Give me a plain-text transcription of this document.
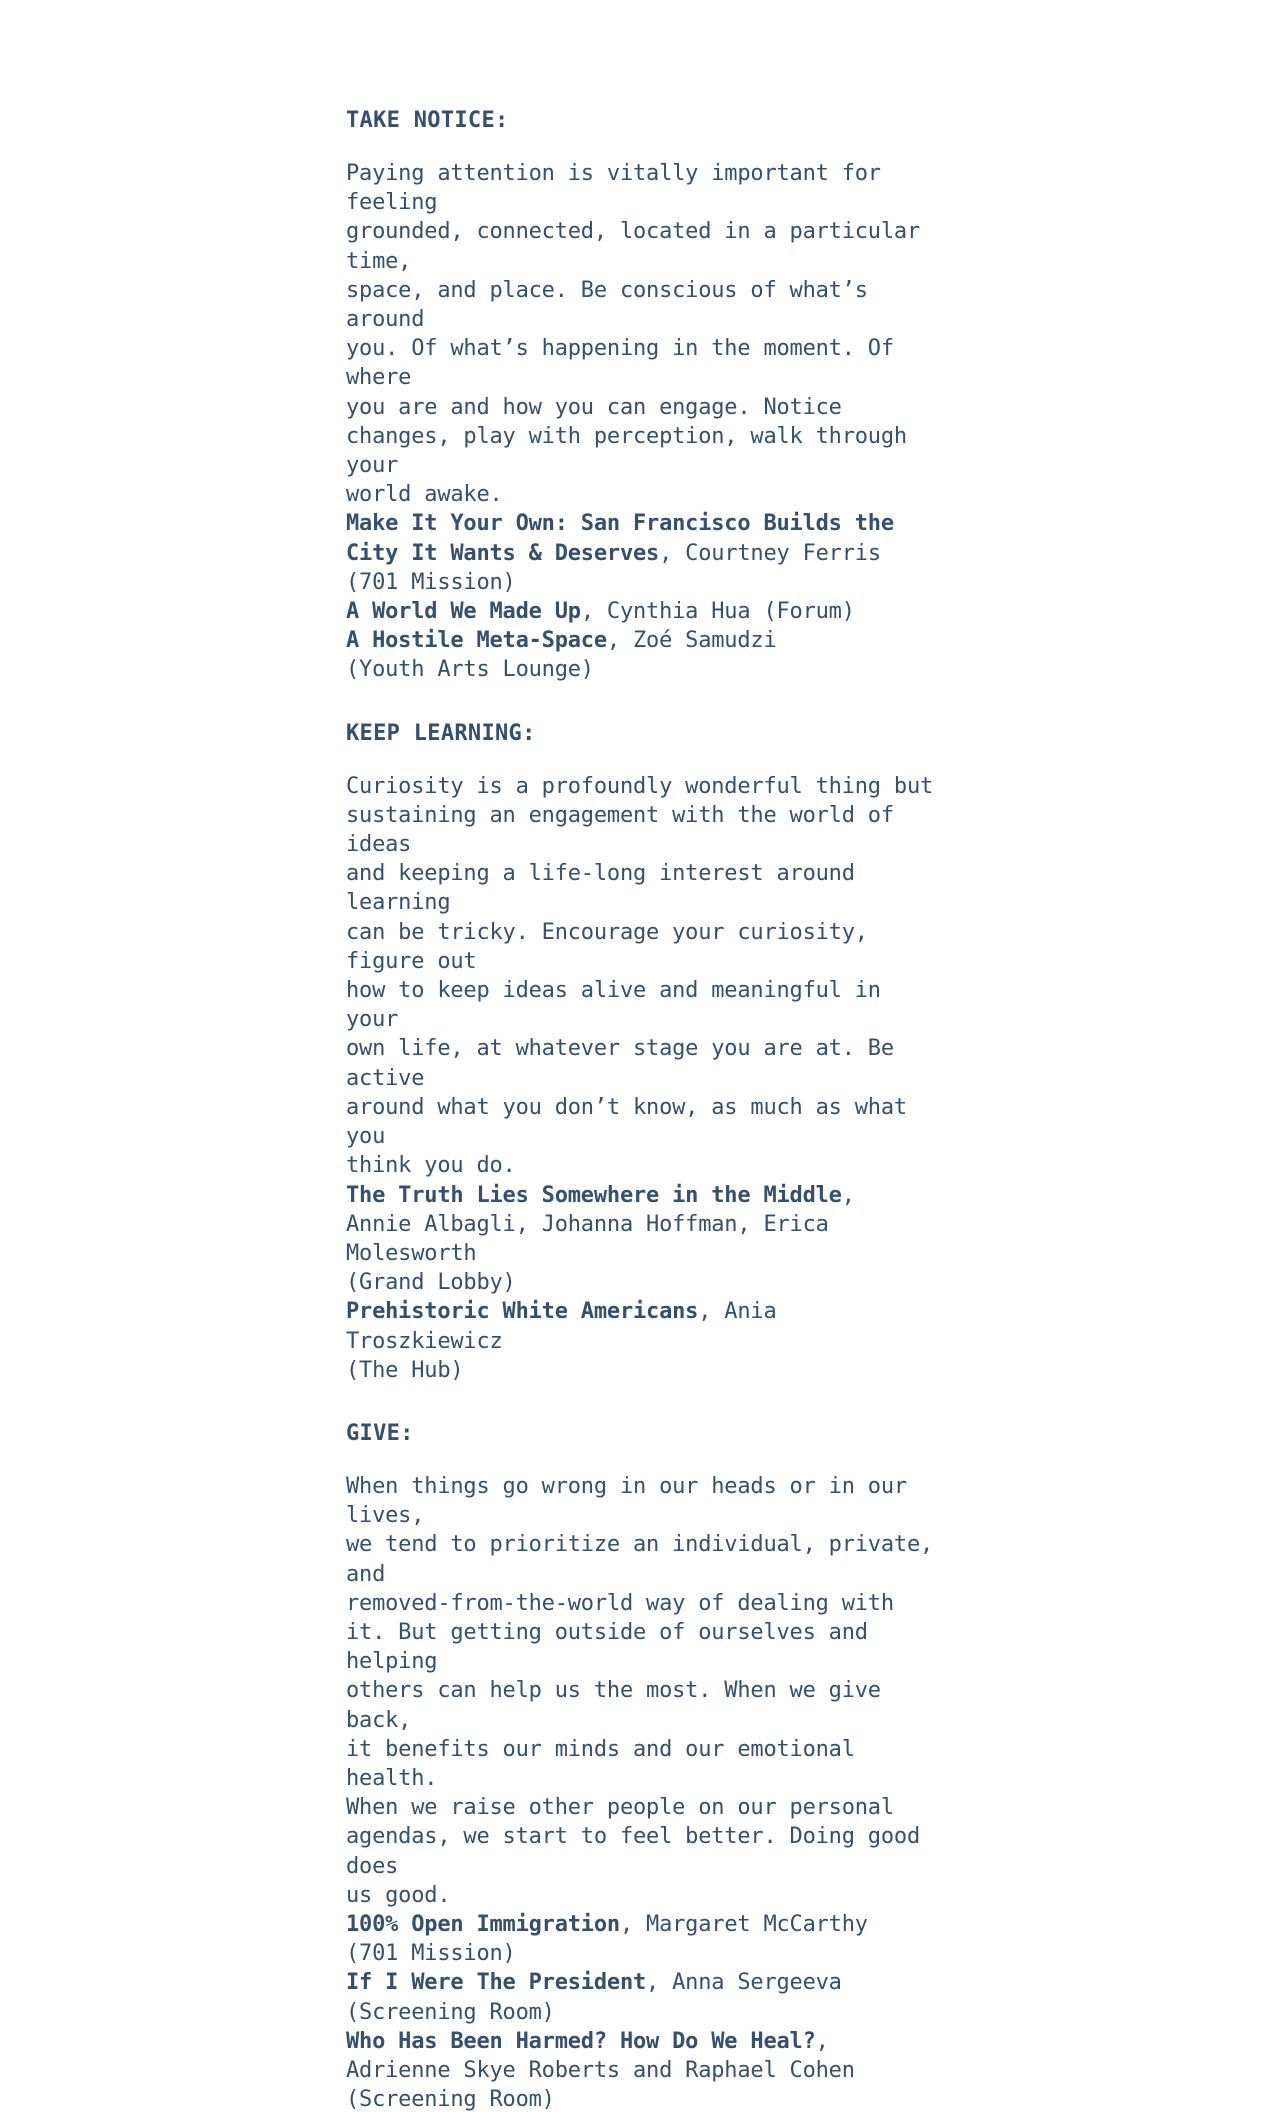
TAKE NOTICE:

Paying attention is vitally important for feeling
grounded, connected, located in a particular time,
space, and place. Be conscious of what’s around
you. Of what’s happening in the moment. Of where
you are and how you can engage. Notice
changes, play with perception, walk through your
world awake.

Make It Your Own: San Francisco Builds the City It Wants & Deserves, Courtney Ferris
(701 Mission)

A World We Made Up, Cynthia Hua (Forum)

A Hostile Meta-Space, Zoé Samudzi
(Youth Arts Lounge)

KEEP LEARNING:

Curiosity is a profoundly wonderful thing but
sustaining an engagement with the world of ideas
and keeping a life-long interest around learning
can be tricky. Encourage your curiosity, figure out
how to keep ideas alive and meaningful in your
own life, at whatever stage you are at. Be active
around what you don’t know, as much as what you
think you do.

The Truth Lies Somewhere in the Middle,
Annie Albagli, Johanna Hoffman, Erica Molesworth
(Grand Lobby)

Prehistoric White Americans, Ania Troszkiewicz
(The Hub)

GIVE:

When things go wrong in our heads or in our lives,
we tend to prioritize an individual, private, and
removed-from-the-world way of dealing with
it. But getting outside of ourselves and helping
others can help us the most. When we give back,
it benefits our minds and our emotional health.
When we raise other people on our personal
agendas, we start to feel better. Doing good does
us good.

100% Open Immigration, Margaret McCarthy
(701 Mission)

If I Were The President, Anna Sergeeva
(Screening Room)

Who Has Been Harmed? How Do We Heal?,
Adrienne Skye Roberts and Raphael Cohen
(Screening Room)
